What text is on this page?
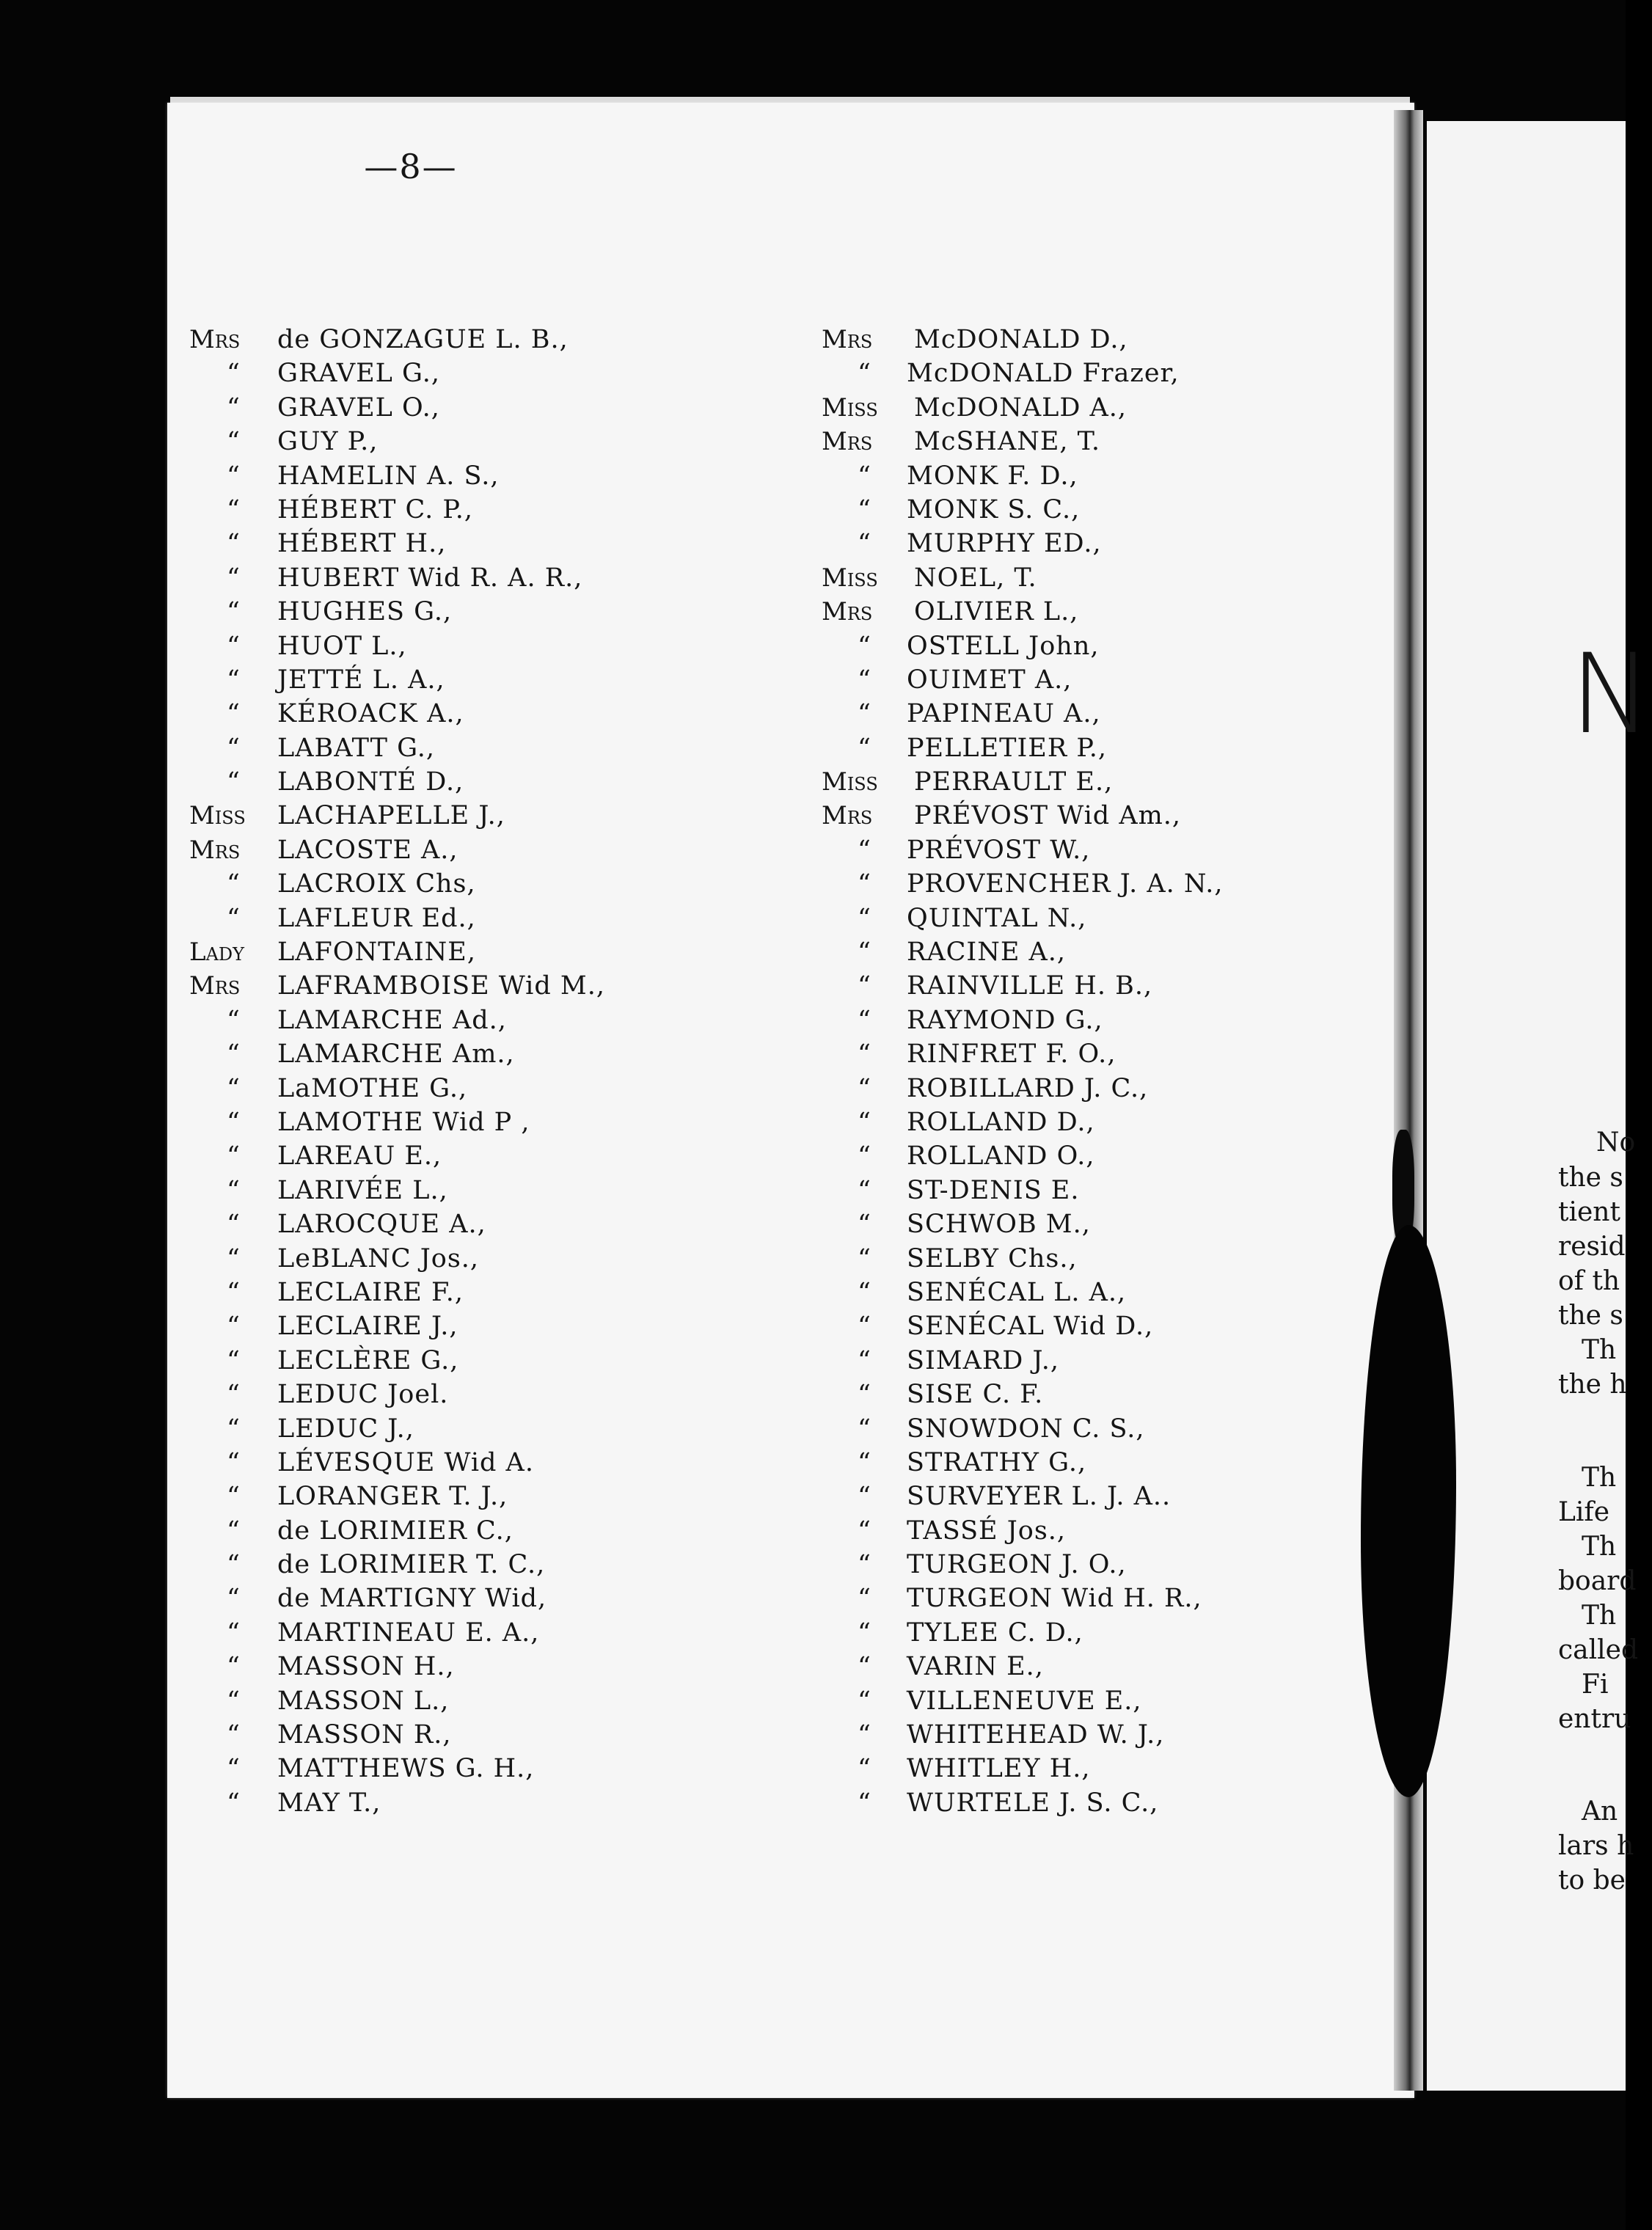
—8—
Mrs	de GONZAGUE L. B.,
“	GRAVEL G.,
“	GRAVEL O.,
“	GUY P.,
“	HAMELIN A. S.,
“	HÉBERT C. P.,
“	HÉBERT H.,
“	HUBERT Wid R. A. R.,
“	HUGHES G.,
“	HUOT L.,
“	JETTÉ L. A.,
“	KÉROACK A.,
“	LABATT G.,
“	LABONTÉ D.,
Miss	LACHAPELLE J.,
Mrs	LACOSTE A.,
“	LACROIX Chs,
“	LAFLEUR Ed.,
Lady	LAFONTAINE,
Mrs	LAFRAMBOISE Wid M.,
“	LAMARCHE Ad.,
“	LAMARCHE Am.,
“	LaMOTHE G.,
“	LAMOTHE Wid P ,
“	LAREAU E.,
“	LARIVÉE L.,
“	LAROCQUE A.,
“	LeBLANC Jos.,
“	LECLAIRE F.,
“	LECLAIRE J.,
“	LECLÈRE G.,
“	LEDUC Joel.
“	LEDUC J.,
“	LÉVESQUE Wid A.
“	LORANGER T. J.,
“	de LORIMIER C.,
“	de LORIMIER T. C.,
“	de MARTIGNY Wid,
“	MARTINEAU E. A.,
“	MASSON H.,
“	MASSON L.,
“	MASSON R.,
“	MATTHEWS G. H.,
“	MAY T.,
Mrs	McDONALD D.,
“	McDONALD Frazer,
Miss	McDONALD A.,
Mrs	McSHANE, T.
“	MONK F. D.,
“	MONK S. C.,
“	MURPHY ED.,
Miss	NOEL, T.
Mrs	OLIVIER L.,
“	OSTELL John,
“	OUIMET A.,
“	PAPINEAU A.,
“	PELLETIER P.,
Miss	PERRAULT E.,
Mrs	PRÉVOST Wid Am.,
“	PRÉVOST W.,
“	PROVENCHER J. A. N.,
“	QUINTAL N.,
“	RACINE A.,
“	RAINVILLE H. B.,
“	RAYMOND G.,
“	RINFRET F. O.,
“	ROBILLARD J. C.,
“	ROLLAND D.,
“	ROLLAND O.,
“	ST-DENIS E.
“	SCHWOB M.,
“	SELBY Chs.,
“	SENÉCAL L. A.,
“	SENÉCAL Wid D.,
“	SIMARD J.,
“	SISE C. F.
“	SNOWDON C. S.,
“	STRATHY G.,
“	SURVEYER L. J. A..
“	TASSÉ Jos.,
“	TURGEON J. O.,
“	TURGEON Wid H. R.,
“	TYLEE C. D.,
“	VARIN E.,
“	VILLENEUVE E.,
“	WHITEHEAD W. J.,
“	WHITLEY H.,
“	WURTELE J. S. C.,
N
No
the s
tient
resid
of th
the s
Th
the h
Th
Life
Th
board
Th
called
Fi
entru
An
lars h
to be
